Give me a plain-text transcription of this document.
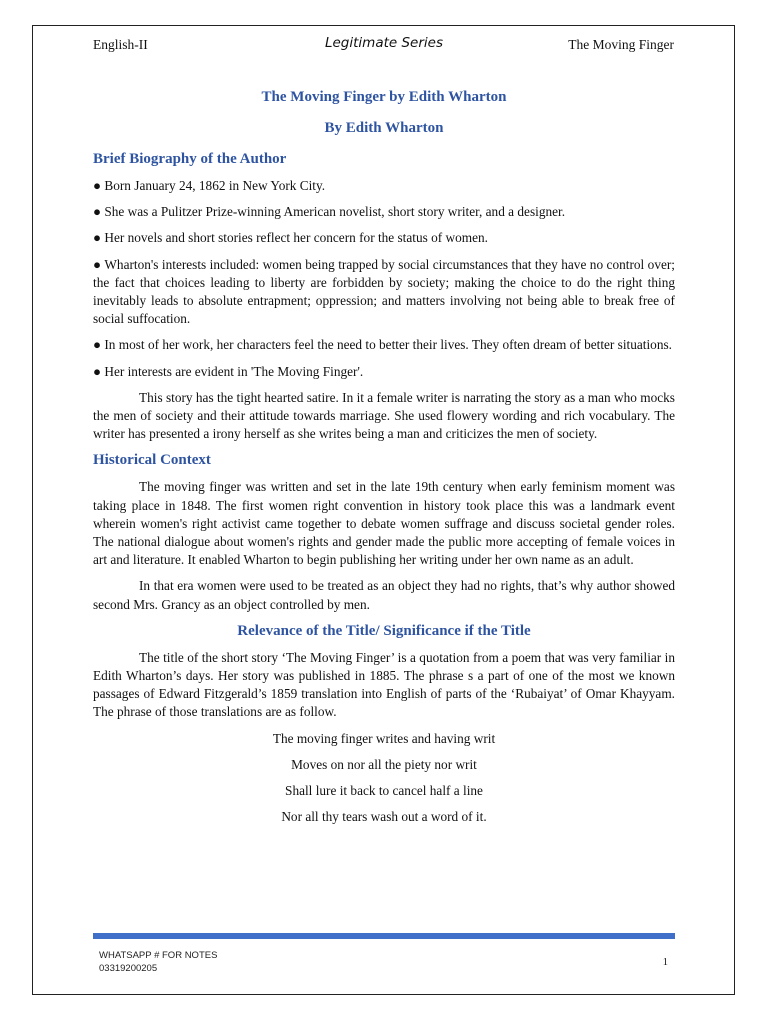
English-II	Legitimate Series	The Moving Finger
The Moving Finger by Edith Wharton
By Edith Wharton
Brief Biography of the Author

● Born January 24, 1862 in New York City.

● She was a Pulitzer Prize-winning American novelist, short story writer, and a designer.

● Her novels and short stories reflect her concern for the status of women.

● Wharton's interests included: women being trapped by social circumstances that they have no control over; the fact that choices leading to liberty are forbidden by society; making the choice to do the right thing inevitably leads to absolute entrapment; oppression; and matters involving not being able to break free of social suffocation.

● In most of her work, her characters feel the need to better their lives. They often dream of better situations.

● Her interests are evident in 'The Moving Finger'.

This story has the tight hearted satire. In it a female writer is narrating the story as a man who mocks the men of society and their attitude towards marriage. She used flowery wording and rich vocabulary. The writer has presented a irony herself as she writes being a man and criticizes the men of society.

Historical Context

The moving finger was written and set in the late 19th century when early feminism moment was taking place in 1848. The first women right convention in history took place this was a landmark event wherein women's right activist came together to debate women suffrage and discuss societal gender roles. The national dialogue about women's rights and gender made the public more accepting of female voices in art and literature. It enabled Wharton to begin publishing her writing under her own name as an adult.

In that era women were used to be treated as an object they had no rights, that’s why author showed second Mrs. Grancy as an object controlled by men.

Relevance of the Title/ Significance if the Title

The title of the short story ‘The Moving Finger’ is a quotation from a poem that was very familiar in Edith Wharton’s days. Her story was published in 1885. The phrase s a part of one of the most we known passages of Edward Fitzgerald’s 1859 translation into English of parts of the ‘Rubaiyat’ of Omar Khayyam. The phrase of those translations are as follow.

The moving finger writes and having writ
Moves on nor all the piety nor writ
Shall lure it back to cancel half a line
Nor all thy tears wash out a word of it.
WHATSAPP # FOR NOTES
03319200205
1
